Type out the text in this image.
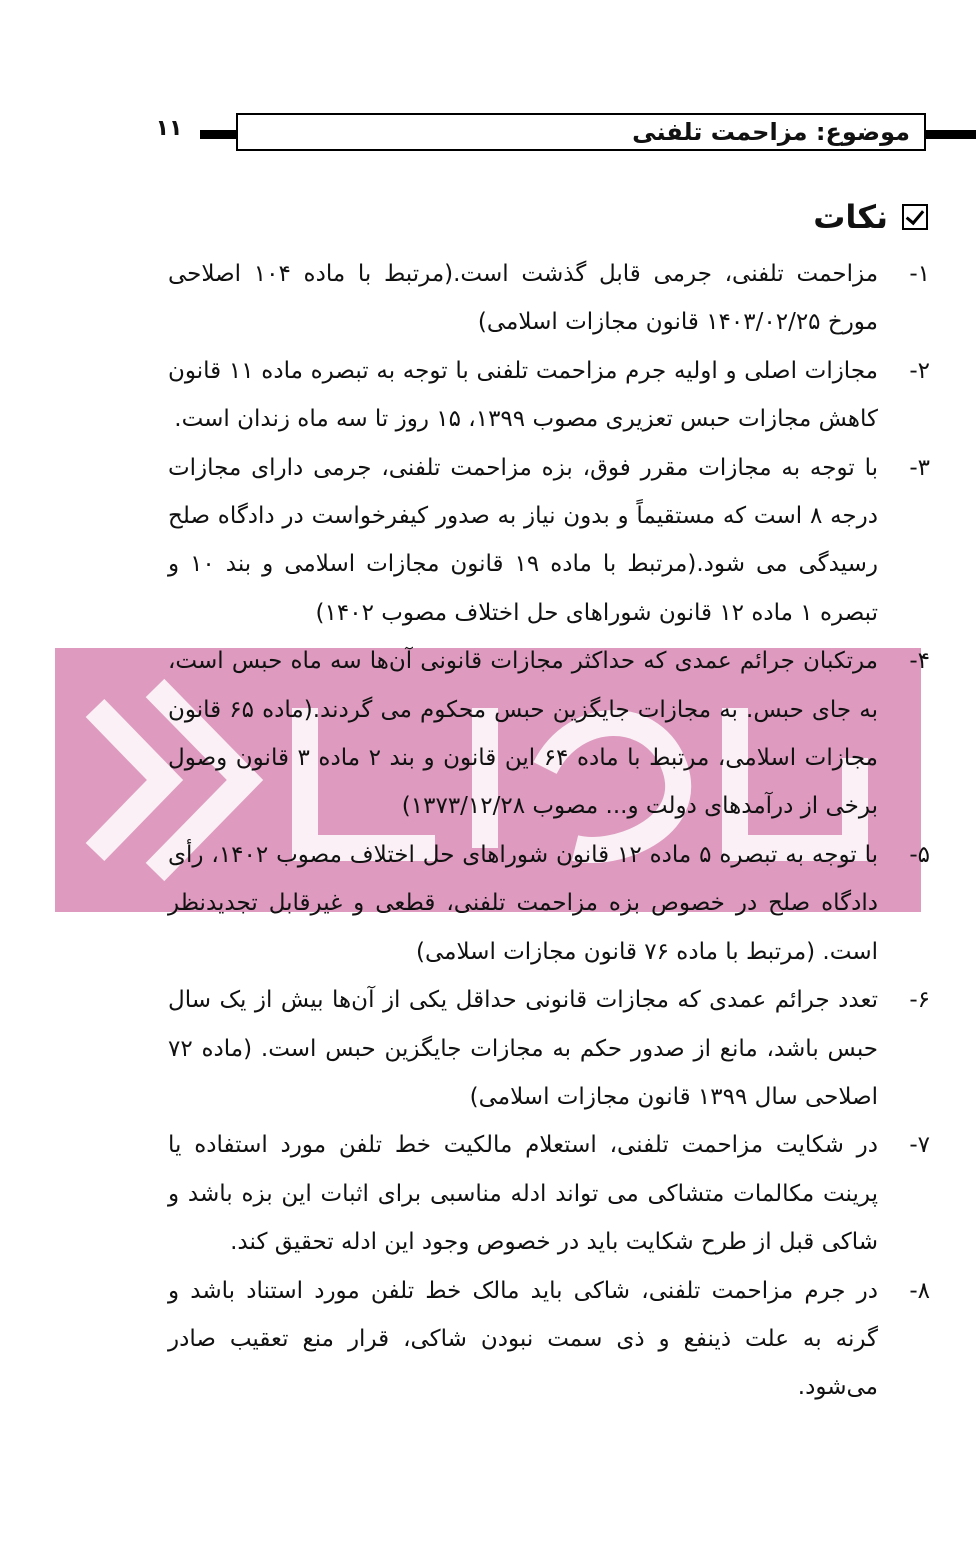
۱۱	موضوع: مزاحمت تلفنی
نکات
۱-
مزاحمت تلفنی، جرمی قابل گذشت است.(مرتبط با ماده ۱۰۴ اصلاحی مورخ ۱۴۰۳/۰۲/۲۵ قانون مجازات اسلامی)
۲-
مجازات اصلی و اولیه جرم مزاحمت تلفنی با توجه به تبصره ماده ۱۱ قانون کاهش مجازات حبس تعزیری مصوب ۱۳۹۹، ۱۵ روز تا سه ماه زندان است.
۳-
با توجه به مجازات مقرر فوق، بزه مزاحمت تلفنی، جرمی دارای مجازات درجه ۸ است که مستقیماً و بدون نیاز به صدور کیفرخواست در دادگاه صلح رسیدگی می شود.(مرتبط با ماده ۱۹ قانون مجازات اسلامی و بند ۱۰ و تبصره ۱ ماده ۱۲ قانون شوراهای حل اختلاف مصوب ۱۴۰۲)
۴-
مرتکبان جرائم عمدی که حداکثر مجازات قانونی آن‌ها سه ماه حبس است، به جای حبس. به مجازات جایگزین حبس محکوم می گردند.(ماده ۶۵ قانون مجازات اسلامی، مرتبط با ماده ۶۴ این قانون و بند ۲ ماده ۳ قانون وصول برخی از درآمدهای دولت و... مصوب ۱۳۷۳/۱۲/۲۸)
۵-
با توجه به تبصره ۵ ماده ۱۲ قانون شوراهای حل اختلاف مصوب ۱۴۰۲، رأی دادگاه صلح در خصوص بزه مزاحمت تلفنی، قطعی و غیرقابل تجدیدنظر است. (مرتبط با ماده ۷۶ قانون مجازات اسلامی)
۶-
تعدد جرائم عمدی که مجازات قانونی حداقل یکی از آن‌ها بیش از یک سال حبس باشد، مانع از صدور حکم به مجازات جایگزین حبس است. (ماده ۷۲ اصلاحی سال ۱۳۹۹ قانون مجازات اسلامی)
۷-
در شکایت مزاحمت تلفنی، استعلام مالکیت خط تلفن مورد استفاده یا پرینت مکالمات متشاکی می تواند ادله مناسبی برای اثبات این بزه باشد و شاکی قبل از طرح شکایت باید در خصوص وجود این ادله تحقیق کند.
۸-
در جرم مزاحمت تلفنی، شاکی باید مالک خط تلفن مورد استناد باشد و گرنه به علت ذینفع و ذی سمت نبودن شاکی، قرار منع تعقیب صادر می‌شود.
